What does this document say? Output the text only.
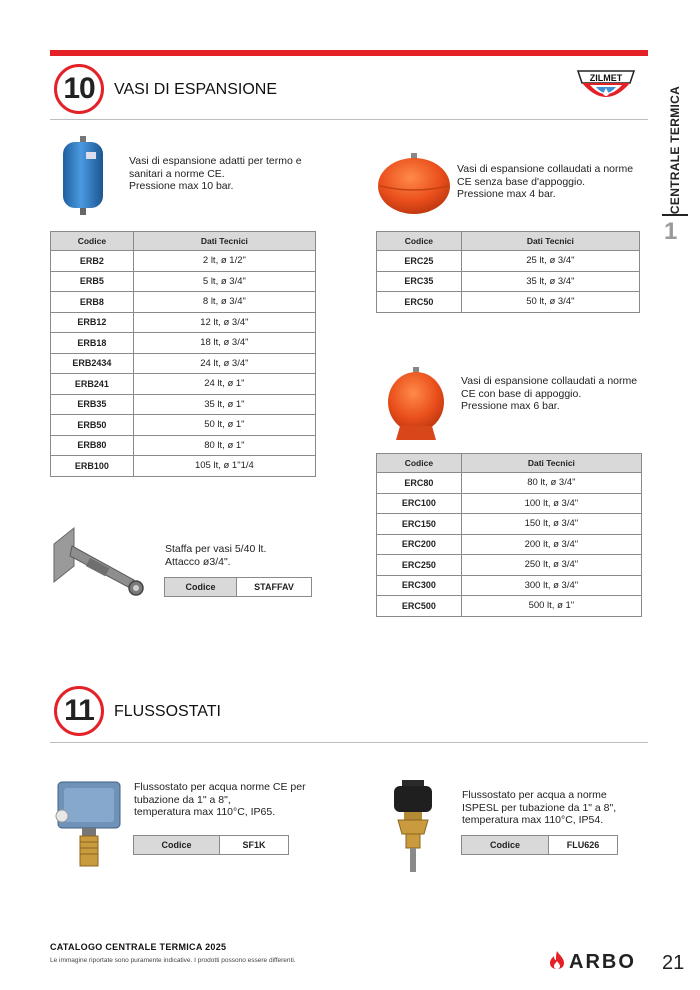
10	VASI DI ESPANSIONE
ZILMET
CENTRALE TERMICA
1
Vasi di espansione adatti per termo e
sanitari a norme CE.
Pressione max 10 bar.
Codice	Dati Tecnici
ERB2	2 lt, ø 1/2"
ERB5	5 lt, ø 3/4"
ERB8	8 lt, ø 3/4"
ERB12	12 lt, ø 3/4"
ERB18	18 lt, ø 3/4"
ERB2434	24 lt, ø 3/4"
ERB241	24 lt, ø 1"
ERB35	35 lt, ø 1"
ERB50	50 lt, ø 1"
ERB80	80 lt, ø 1"
ERB100	105 lt, ø 1"1/4
Vasi di espansione collaudati a norme
CE senza base d'appoggio.
Pressione max 4 bar.
Codice	Dati Tecnici
ERC25	25 lt, ø 3/4"
ERC35	35 lt, ø 3/4"
ERC50	50 lt, ø 3/4"
Vasi di espansione collaudati a norme
CE con base di appoggio.
Pressione max 6 bar.
Codice	Dati Tecnici
ERC80	80 lt, ø 3/4"
ERC100	100 lt, ø 3/4"
ERC150	150 lt, ø 3/4"
ERC200	200 lt, ø 3/4"
ERC250	250 lt, ø 3/4"
ERC300	300 lt, ø 3/4"
ERC500	500 lt, ø 1"
Staffa per vasi 5/40 lt.
Attacco ø3/4".
Codice	STAFFAV
11	FLUSSOSTATI
Flussostato per acqua norme CE per
tubazione da 1" a 8",
temperatura max 110°C, IP65.
Codice	SF1K
Flussostato per acqua a norme
ISPESL per tubazione da 1" a 8",
temperatura max 110°C, IP54.
Codice	FLU626
CATALOGO CENTRALE TERMICA 2025
Le immagine riportate sono puramente indicative. I prodotti possono essere differenti.	ARBO 21
